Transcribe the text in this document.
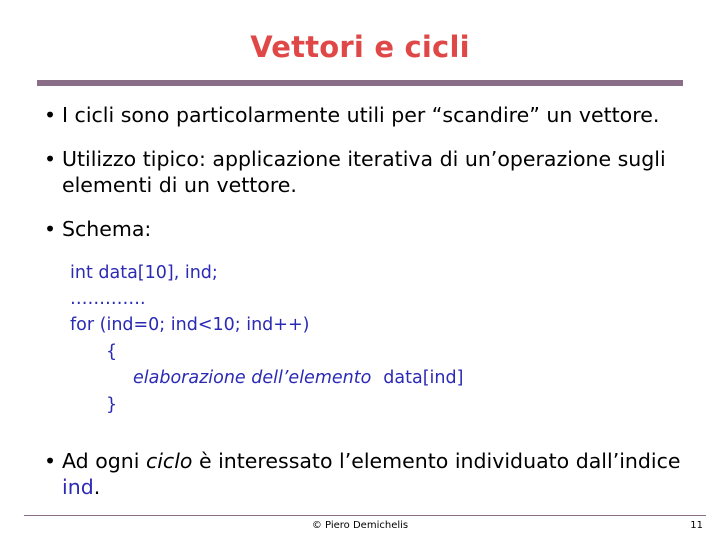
Vettori e cicli
• I cicli sono particolarmente utili per “scandire” un vettore.
• Utilizzo tipico: applicazione iterativa di un’operazione sugli elementi di un vettore.
• Schema:
int data[10], ind;
………….
for (ind=0; ind<10; ind++)
{
elaborazione dell’elemento data[ind]
}
• Ad ogni ciclo è interessato l’elemento individuato dall’indice ind.
© Piero Demichelis	11
